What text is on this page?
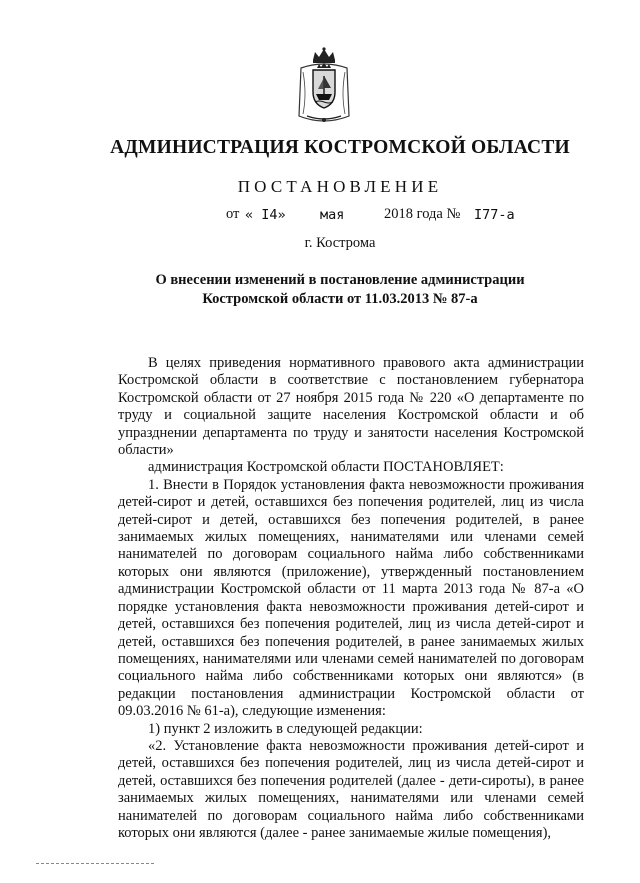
АДМИНИСТРАЦИЯ КОСТРОМСКОЙ ОБЛАСТИ
ПОСТАНОВЛЕНИЕ
от « I4»	мая	2018 года № I77-а
г. Кострома
О внесении изменений в постановление администрации
Костромской области от 11.03.2013 № 87-а

В целях приведения нормативного правового акта администрации Костромской области в соответствие с постановлением губернатора Костромской области от 27 ноября 2015 года № 220 «О департаменте по труду и социальной защите населения Костромской области и об упразднении департамента по труду и занятости населения Костромской области»

администрация Костромской области ПОСТАНОВЛЯЕТ:

1. Внести в Порядок установления факта невозможности проживания детей-сирот и детей, оставшихся без попечения родителей, лиц из числа детей-сирот и детей, оставшихся без попечения родителей, в ранее занимаемых жилых помещениях, нанимателями или членами семей нанимателей по договорам социального найма либо собственниками которых они являются (приложение), утвержденный постановлением администрации Костромской области от 11 марта 2013 года № 87-а «О порядке установления факта невозможности проживания детей-сирот и детей, оставшихся без попечения родителей, лиц из числа детей-сирот и детей, оставшихся без попечения родителей, в ранее занимаемых жилых помещениях, нанимателями или членами семей нанимателей по договорам социального найма либо собственниками которых они являются» (в редакции постановления администрации Костромской области от 09.03.2016 № 61-а), следующие изменения:

1) пункт 2 изложить в следующей редакции:

«2. Установление факта невозможности проживания детей-сирот и детей, оставшихся без попечения родителей, лиц из числа детей-сирот и детей, оставшихся без попечения родителей (далее - дети-сироты), в ранее занимаемых жилых помещениях, нанимателями или членами семей нанимателей по договорам социального найма либо собственниками которых они являются (далее - ранее занимаемые жилые помещения),
